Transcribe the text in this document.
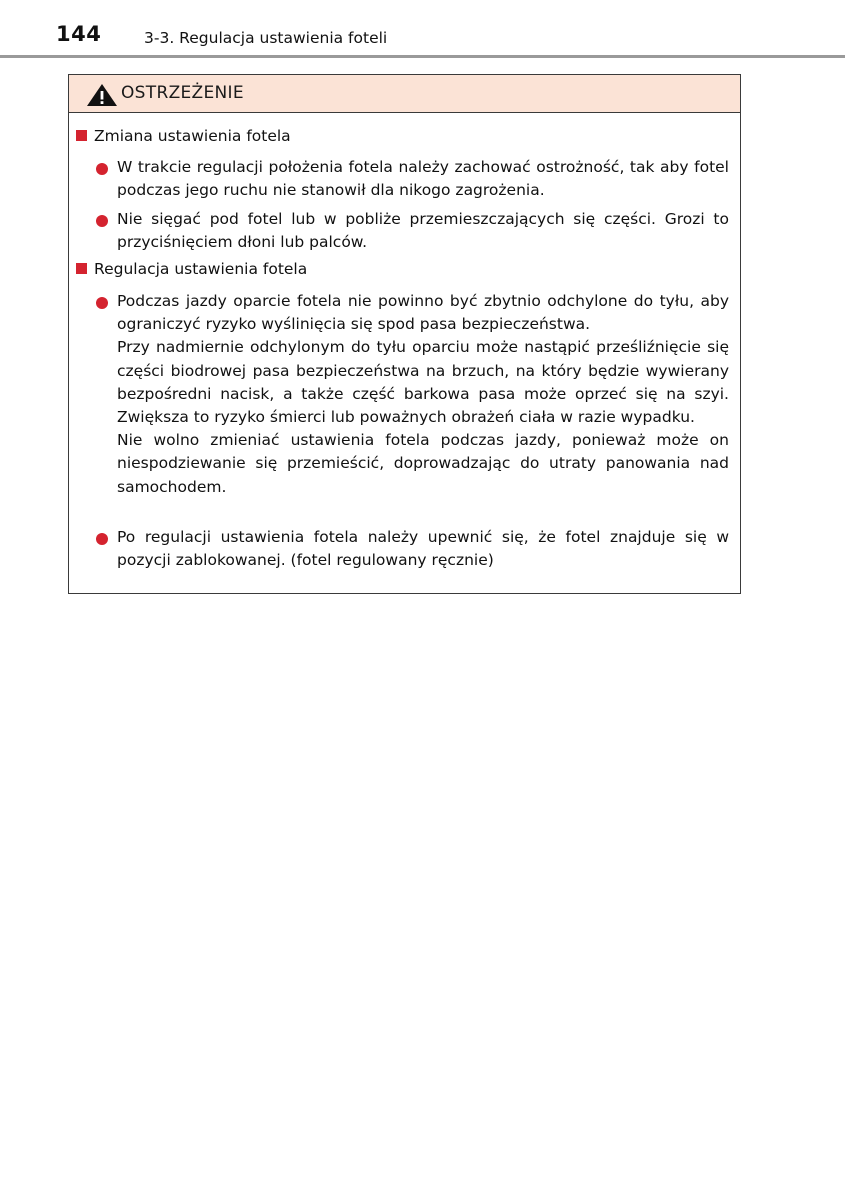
144	3-3. Regulacja ustawienia foteli
OSTRZEŻENIE
Zmiana ustawienia fotela

W trakcie regulacji położenia fotela należy zachować ostrożność, tak aby fotel podczas jego ruchu nie stanowił dla nikogo zagrożenia.

Nie sięgać pod fotel lub w pobliże przemieszczających się części. Grozi to przyciśnięciem dłoni lub palców.

Regulacja ustawienia fotela

Podczas jazdy oparcie fotela nie powinno być zbytnio odchylone do tyłu, aby ograniczyć ryzyko wyślinięcia się spod pasa bezpieczeństwa.

Przy nadmiernie odchylonym do tyłu oparciu może nastąpić prześliźnięcie się części biodrowej pasa bezpieczeństwa na brzuch, na który będzie wywierany bezpośredni nacisk, a także część barkowa pasa może oprzeć się na szyi. Zwiększa to ryzyko śmierci lub poważnych obrażeń ciała w razie wypadku.

Nie wolno zmieniać ustawienia fotela podczas jazdy, ponieważ może on niespodziewanie się przemieścić, doprowadzając do utraty panowania nad samochodem.

Po regulacji ustawienia fotela należy upewnić się, że fotel znajduje się w pozycji zablokowanej. (fotel regulowany ręcznie)
